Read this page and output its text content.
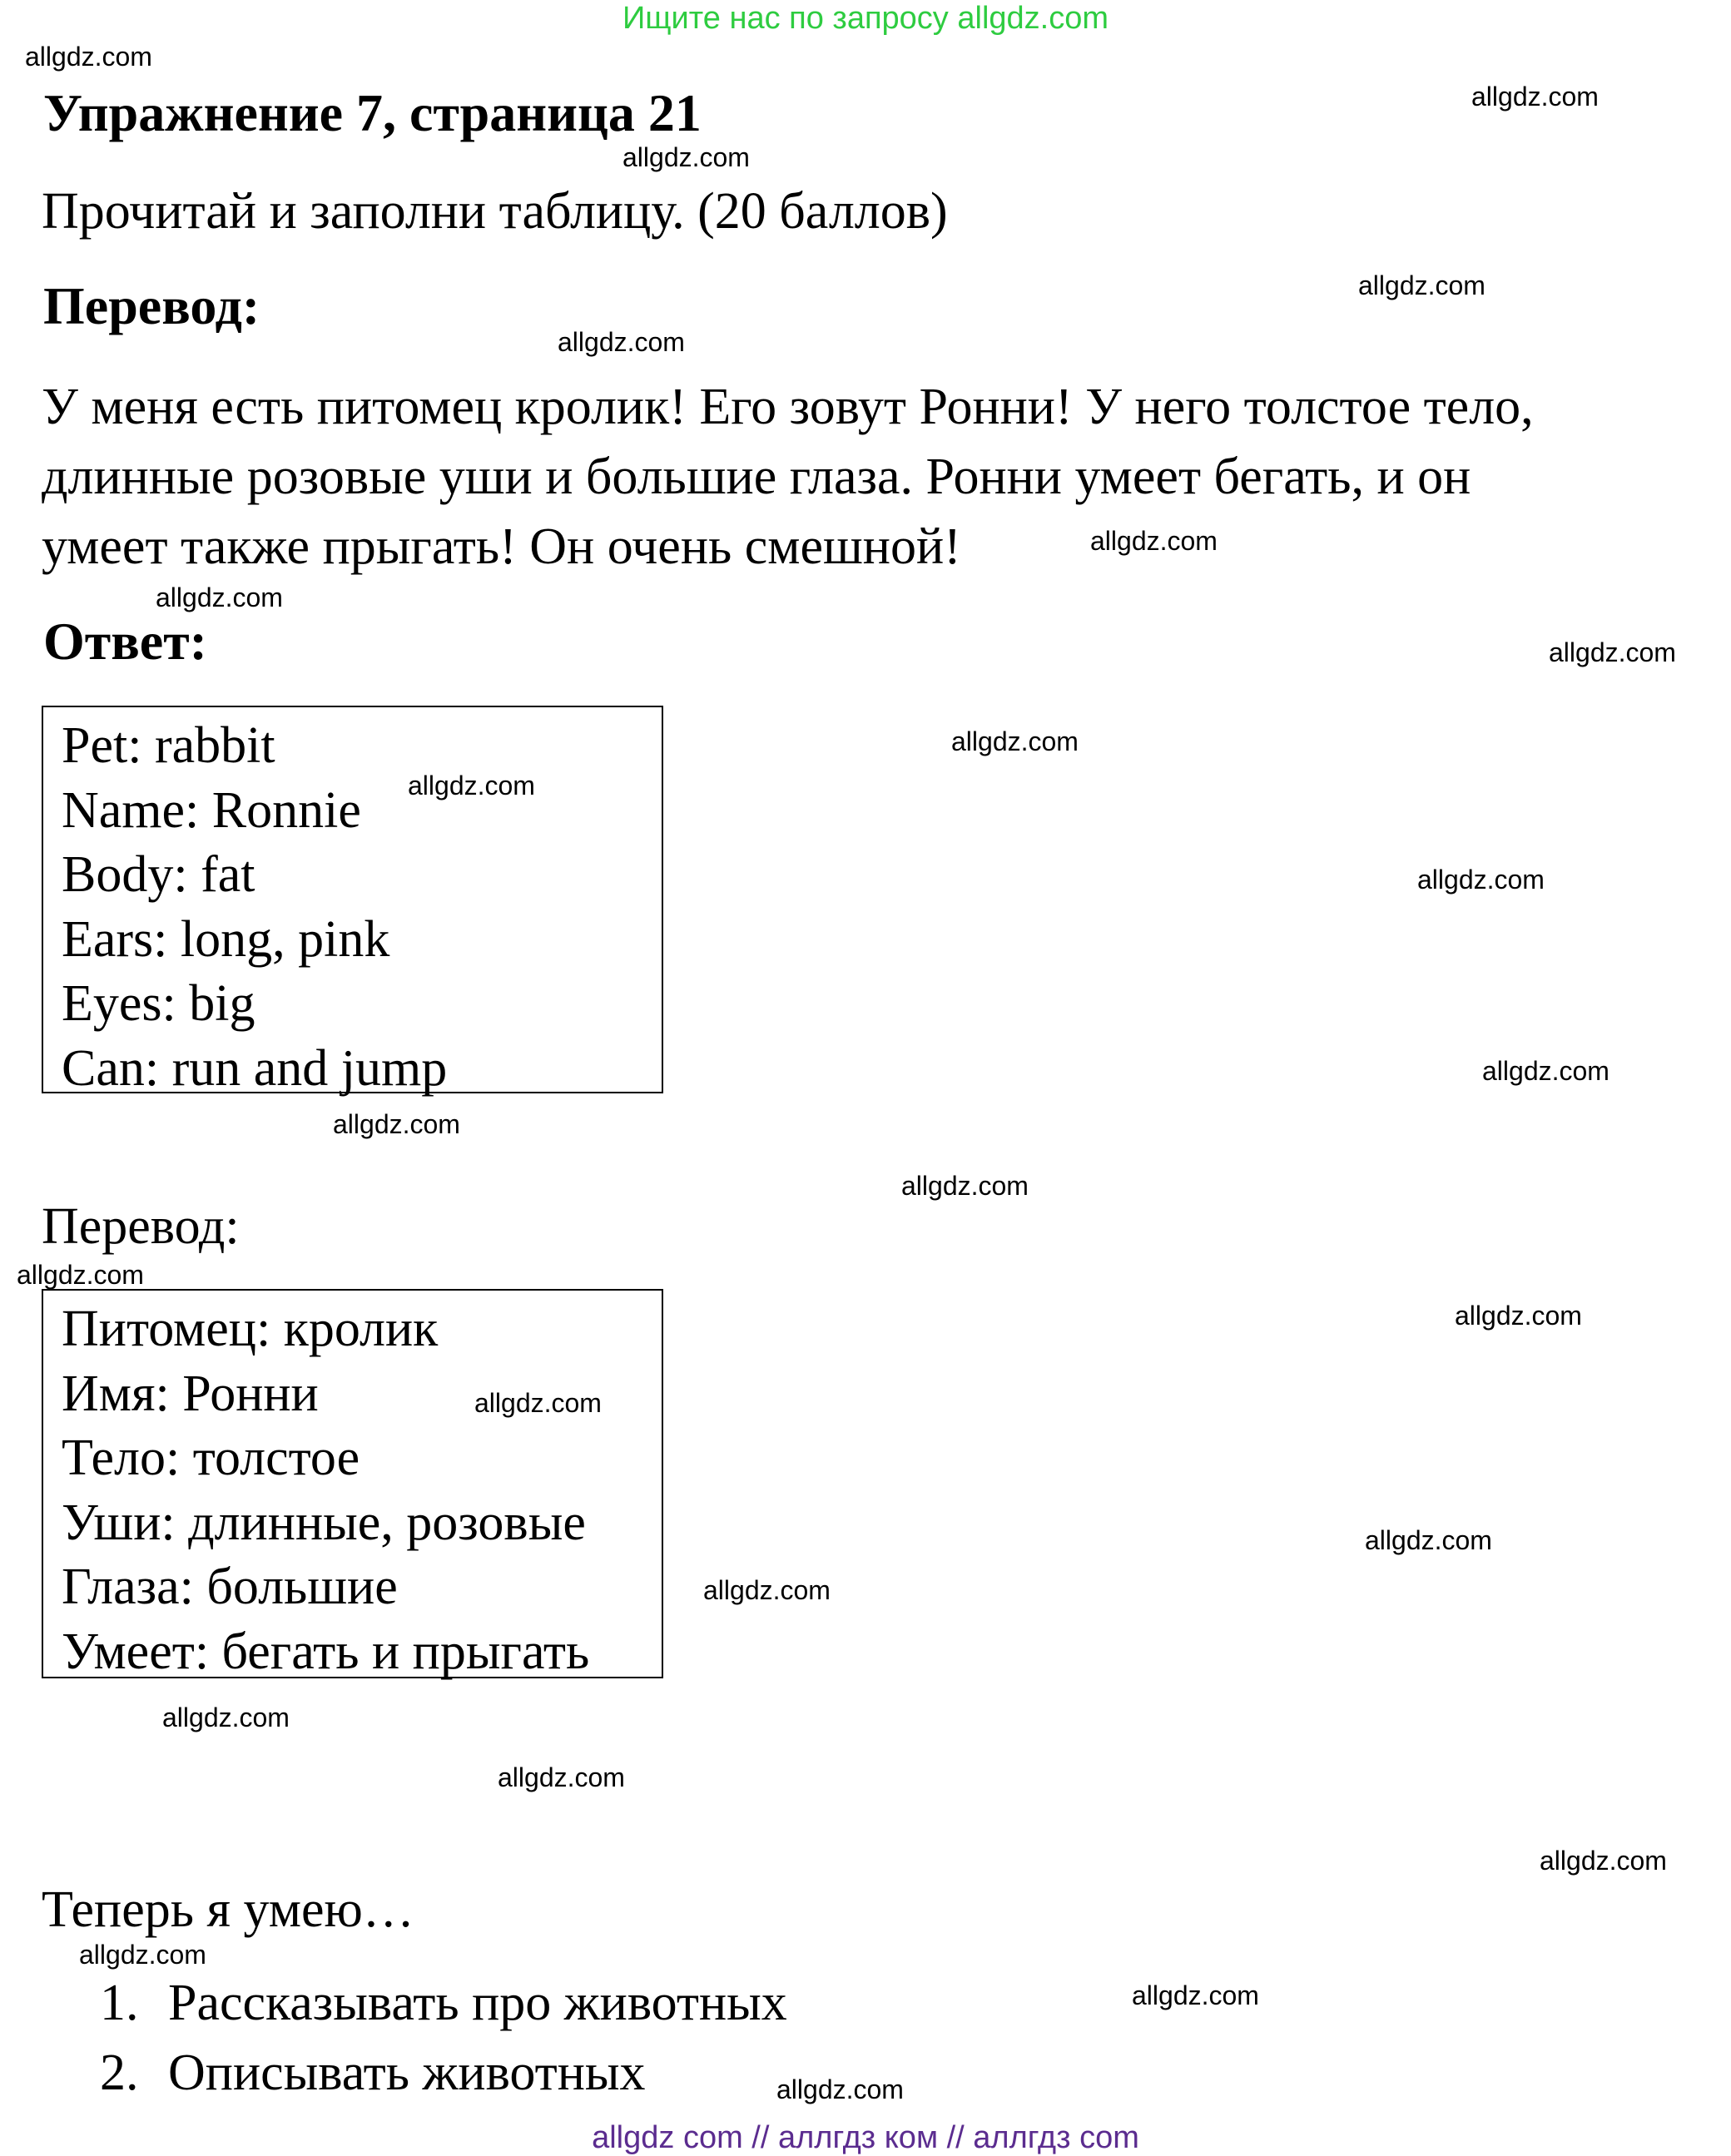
Ищите нас по запросу allgdz.com
Упражнение 7, страница 21
Прочитай и заполни таблицу. (20 баллов)
Перевод:
У меня есть питомец кролик! Его зовут Ронни! У него толстое тело,
длинные розовые уши и большие глаза. Ронни умеет бегать, и он
умеет также прыгать! Он очень смешной!
Ответ:
Pet: rabbit
Name: Ronnie
Body: fat
Ears: long, pink
Eyes: big
Can: run and jump
Перевод:
Питомец: кролик
Имя: Ронни
Тело: толстое
Уши: длинные, розовые
Глаза: большие
Умеет: бегать и прыгать
Теперь я умею…
1. Рассказывать про животных
2. Описывать животных
allgdz.com
allgdz.com
allgdz.com
allgdz.com
allgdz.com
allgdz.com
allgdz.com
allgdz.com
allgdz.com
allgdz.com
allgdz.com
allgdz.com
allgdz.com
allgdz.com
allgdz.com
allgdz.com
allgdz.com
allgdz.com
allgdz.com
allgdz.com
allgdz.com
allgdz.com
allgdz.com
allgdz.com
allgdz.com
allgdz com // аллгдз ком // аллгдз com
